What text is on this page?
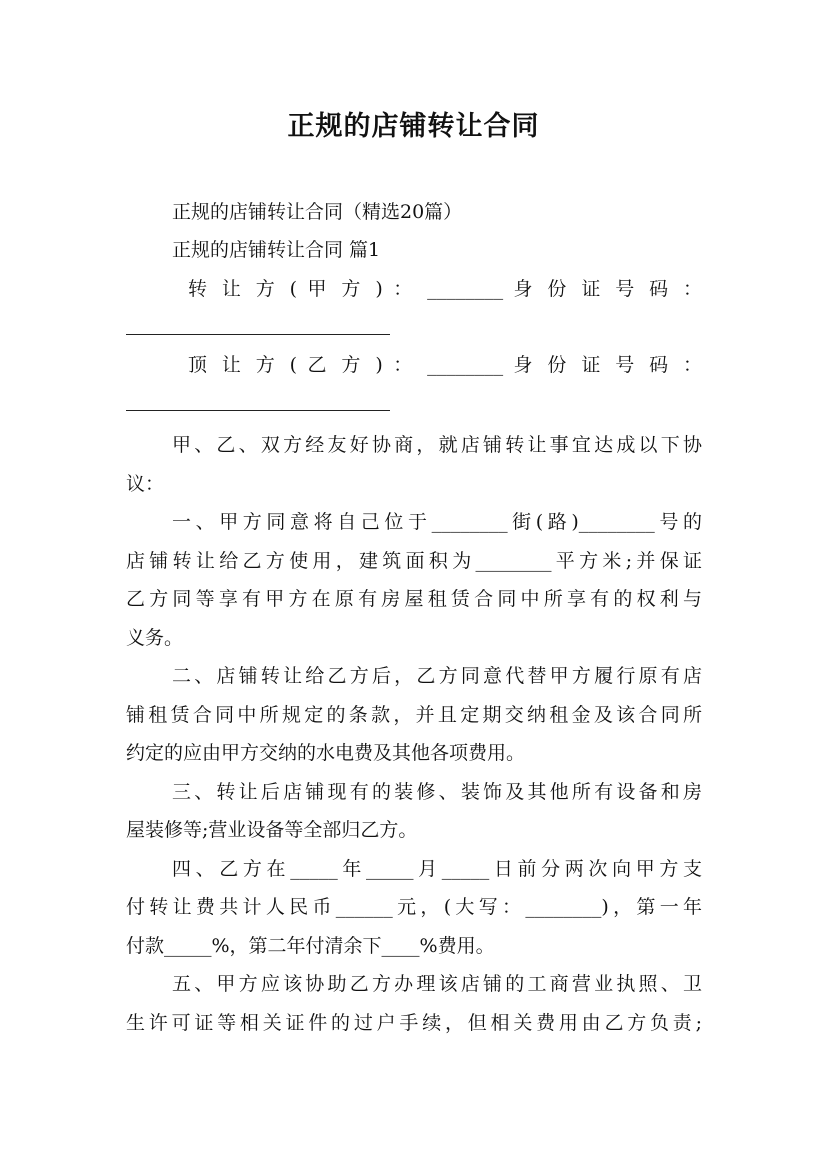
正规的店铺转让合同
正规的店铺转让合同（精选20篇）
正规的店铺转让合同 篇1
转 让 方 ( 甲 方 ) ： ________ 身 份 证 号 码 ：
顶 让 方 ( 乙 方 ) ： ________ 身 份 证 号 码 ：
甲、乙、双方经友好协商，就店铺转让事宜达成以下协
议：
一、甲方同意将自己位于________街(路)________号的
店铺转让给乙方使用，建筑面积为________平方米;并保证
乙方同等享有甲方在原有房屋租赁合同中所享有的权利与
义务。
二、店铺转让给乙方后，乙方同意代替甲方履行原有店
铺租赁合同中所规定的条款，并且定期交纳租金及该合同所
约定的应由甲方交纳的水电费及其他各项费用。
三、转让后店铺现有的装修、装饰及其他所有设备和房
屋装修等;营业设备等全部归乙方。
四、乙方在_____年_____月_____日前分两次向甲方支
付转让费共计人民币______元，(大写：________)，第一年
付款_____%，第二年付清余下____%费用。
五、甲方应该协助乙方办理该店铺的工商营业执照、卫
生许可证等相关证件的过户手续，但相关费用由乙方负责;
